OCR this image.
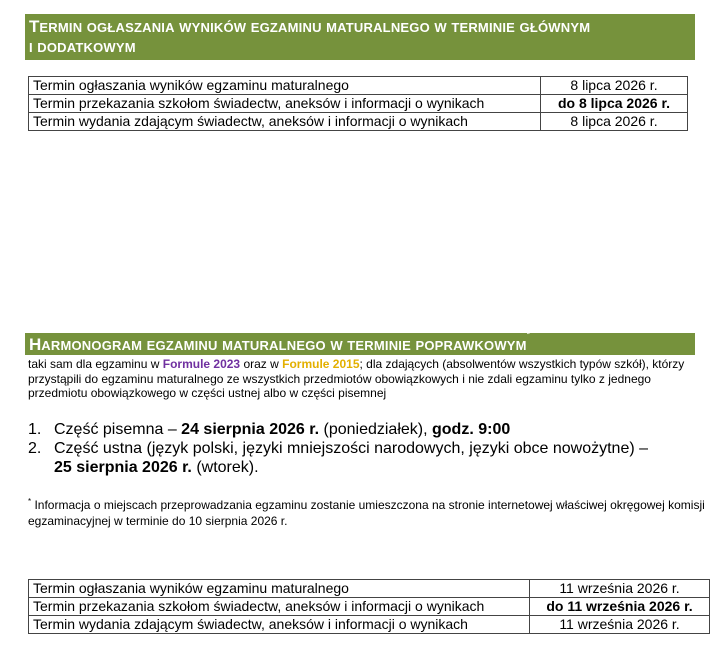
TERMIN OGŁASZANIA WYNIKÓW EGZAMINU MATURALNEGO W TERMINIE GŁÓWNYM
I DODATKOWYM
Termin ogłaszania wyników egzaminu maturalnego	8 lipca 2026 r.
Termin przekazania szkołom świadectw, aneksów i informacji o wynikach	do 8 lipca 2026 r.
Termin wydania zdającym świadectw, aneksów i informacji o wynikach	8 lipca 2026 r.
HARMONOGRAM EGZAMINU MATURALNEGO W TERMINIE POPRAWKOWYM*
taki sam dla egzaminu w Formule 2023 oraz w Formule 2015; dla zdających (absolwentów wszystkich typów szkół), którzy przystąpili do egzaminu maturalnego ze wszystkich przedmiotów obowiązkowych i nie zdali egzaminu tylko z jednego przedmiotu obowiązkowego w części ustnej albo w części pisemnej
1. Część pisemna – 24 sierpnia 2026 r. (poniedziałek), godz. 9:00
2. Część ustna (język polski, języki mniejszości narodowych, języki obce nowożytne) –
25 sierpnia 2026 r. (wtorek).
* Informacja o miejscach przeprowadzania egzaminu zostanie umieszczona na stronie internetowej właściwej okręgowej komisji egzaminacyjnej w terminie do 10 sierpnia 2026 r.
Termin ogłaszania wyników egzaminu maturalnego	11 września 2026 r.
Termin przekazania szkołom świadectw, aneksów i informacji o wynikach	do 11 września 2026 r.
Termin wydania zdającym świadectw, aneksów i informacji o wynikach	11 września 2026 r.
